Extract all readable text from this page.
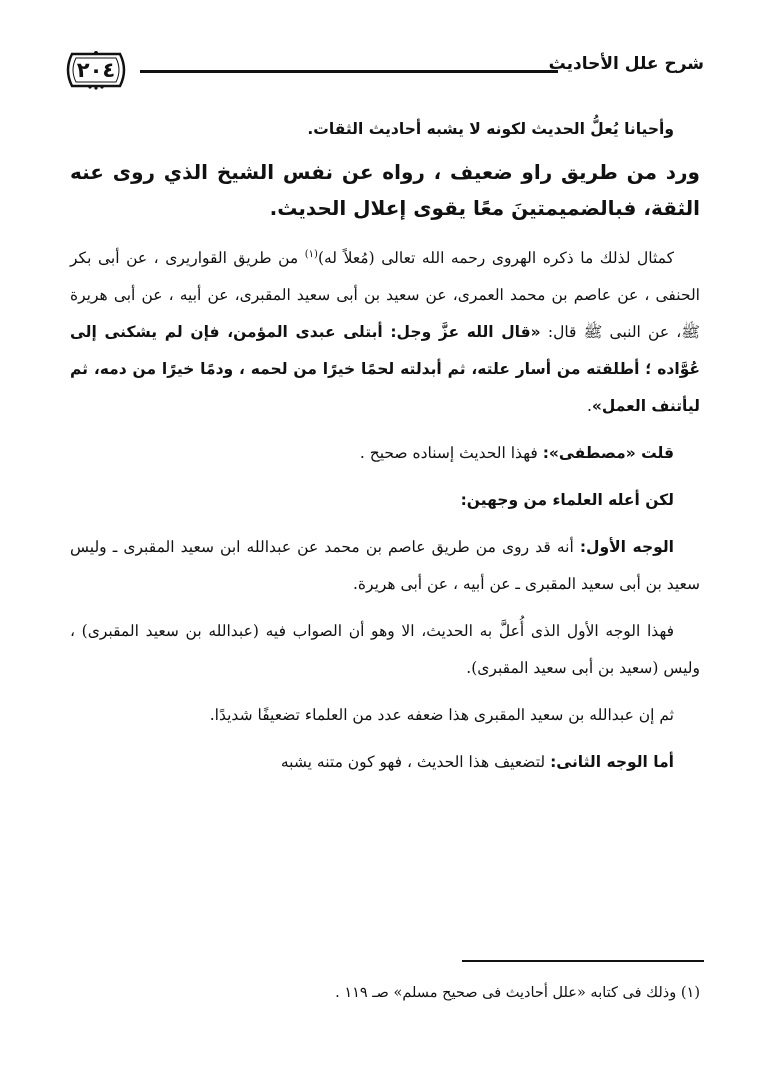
٢٠٤	شرح علل الأحاديث

وأحيانا يُعلُّ الحديث لكونه لا يشبه أحاديث الثقات.

ورد من طريق راو ضعيف ، رواه عن نفس الشيخ الذي روى عنه الثقة، فبالضميمتينَ معًا يقوى إعلال الحديث.

كمثال لذلك ما ذكره الهروى رحمه الله تعالى (مُعلاً له)$^{(١)}$ من طريق القواريرى ، عن أبى بكر الحنفى ، عن عاصم بن محمد العمرى، عن سعيد بن أبى سعيد المقبرى، عن أبيه ، عن أبى هريرة ﷺ، عن النبى ﷺ قال: «قال الله عزَّ وجل: أبتلى عبدى المؤمن، فإن لم يشكنى إلى عُوَّاده ؛ أطلقته من أسار علته، ثم أبدلته لحمًا خيرًا من لحمه ، ودمًا خيرًا من دمه، ثم ليأتنف العمل».

قلت «مصطفى»: فهذا الحديث إسناده صحيح .

لكن أعله العلماء من وجهين:

الوجه الأول: أنه قد روى من طريق عاصم بن محمد عن عبدالله ابن سعيد المقبرى ـ وليس سعيد بن أبى سعيد المقبرى ـ عن أبيه ، عن أبى هريرة.

فهذا الوجه الأول الذى أُعلَّ به الحديث، الا وهو أن الصواب فيه (عبدالله بن سعيد المقبرى) ، وليس (سعيد بن أبى سعيد المقبرى).

ثم إن عبدالله بن سعيد المقبرى هذا ضعفه عدد من العلماء تضعيفًا شديدًا.

أما الوجه الثانى: لتضعيف هذا الحديث ، فهو كون متنه يشبه

(١) وذلك فى كتابه «علل أحاديث فى صحيح مسلم» صـ ١١٩ .
